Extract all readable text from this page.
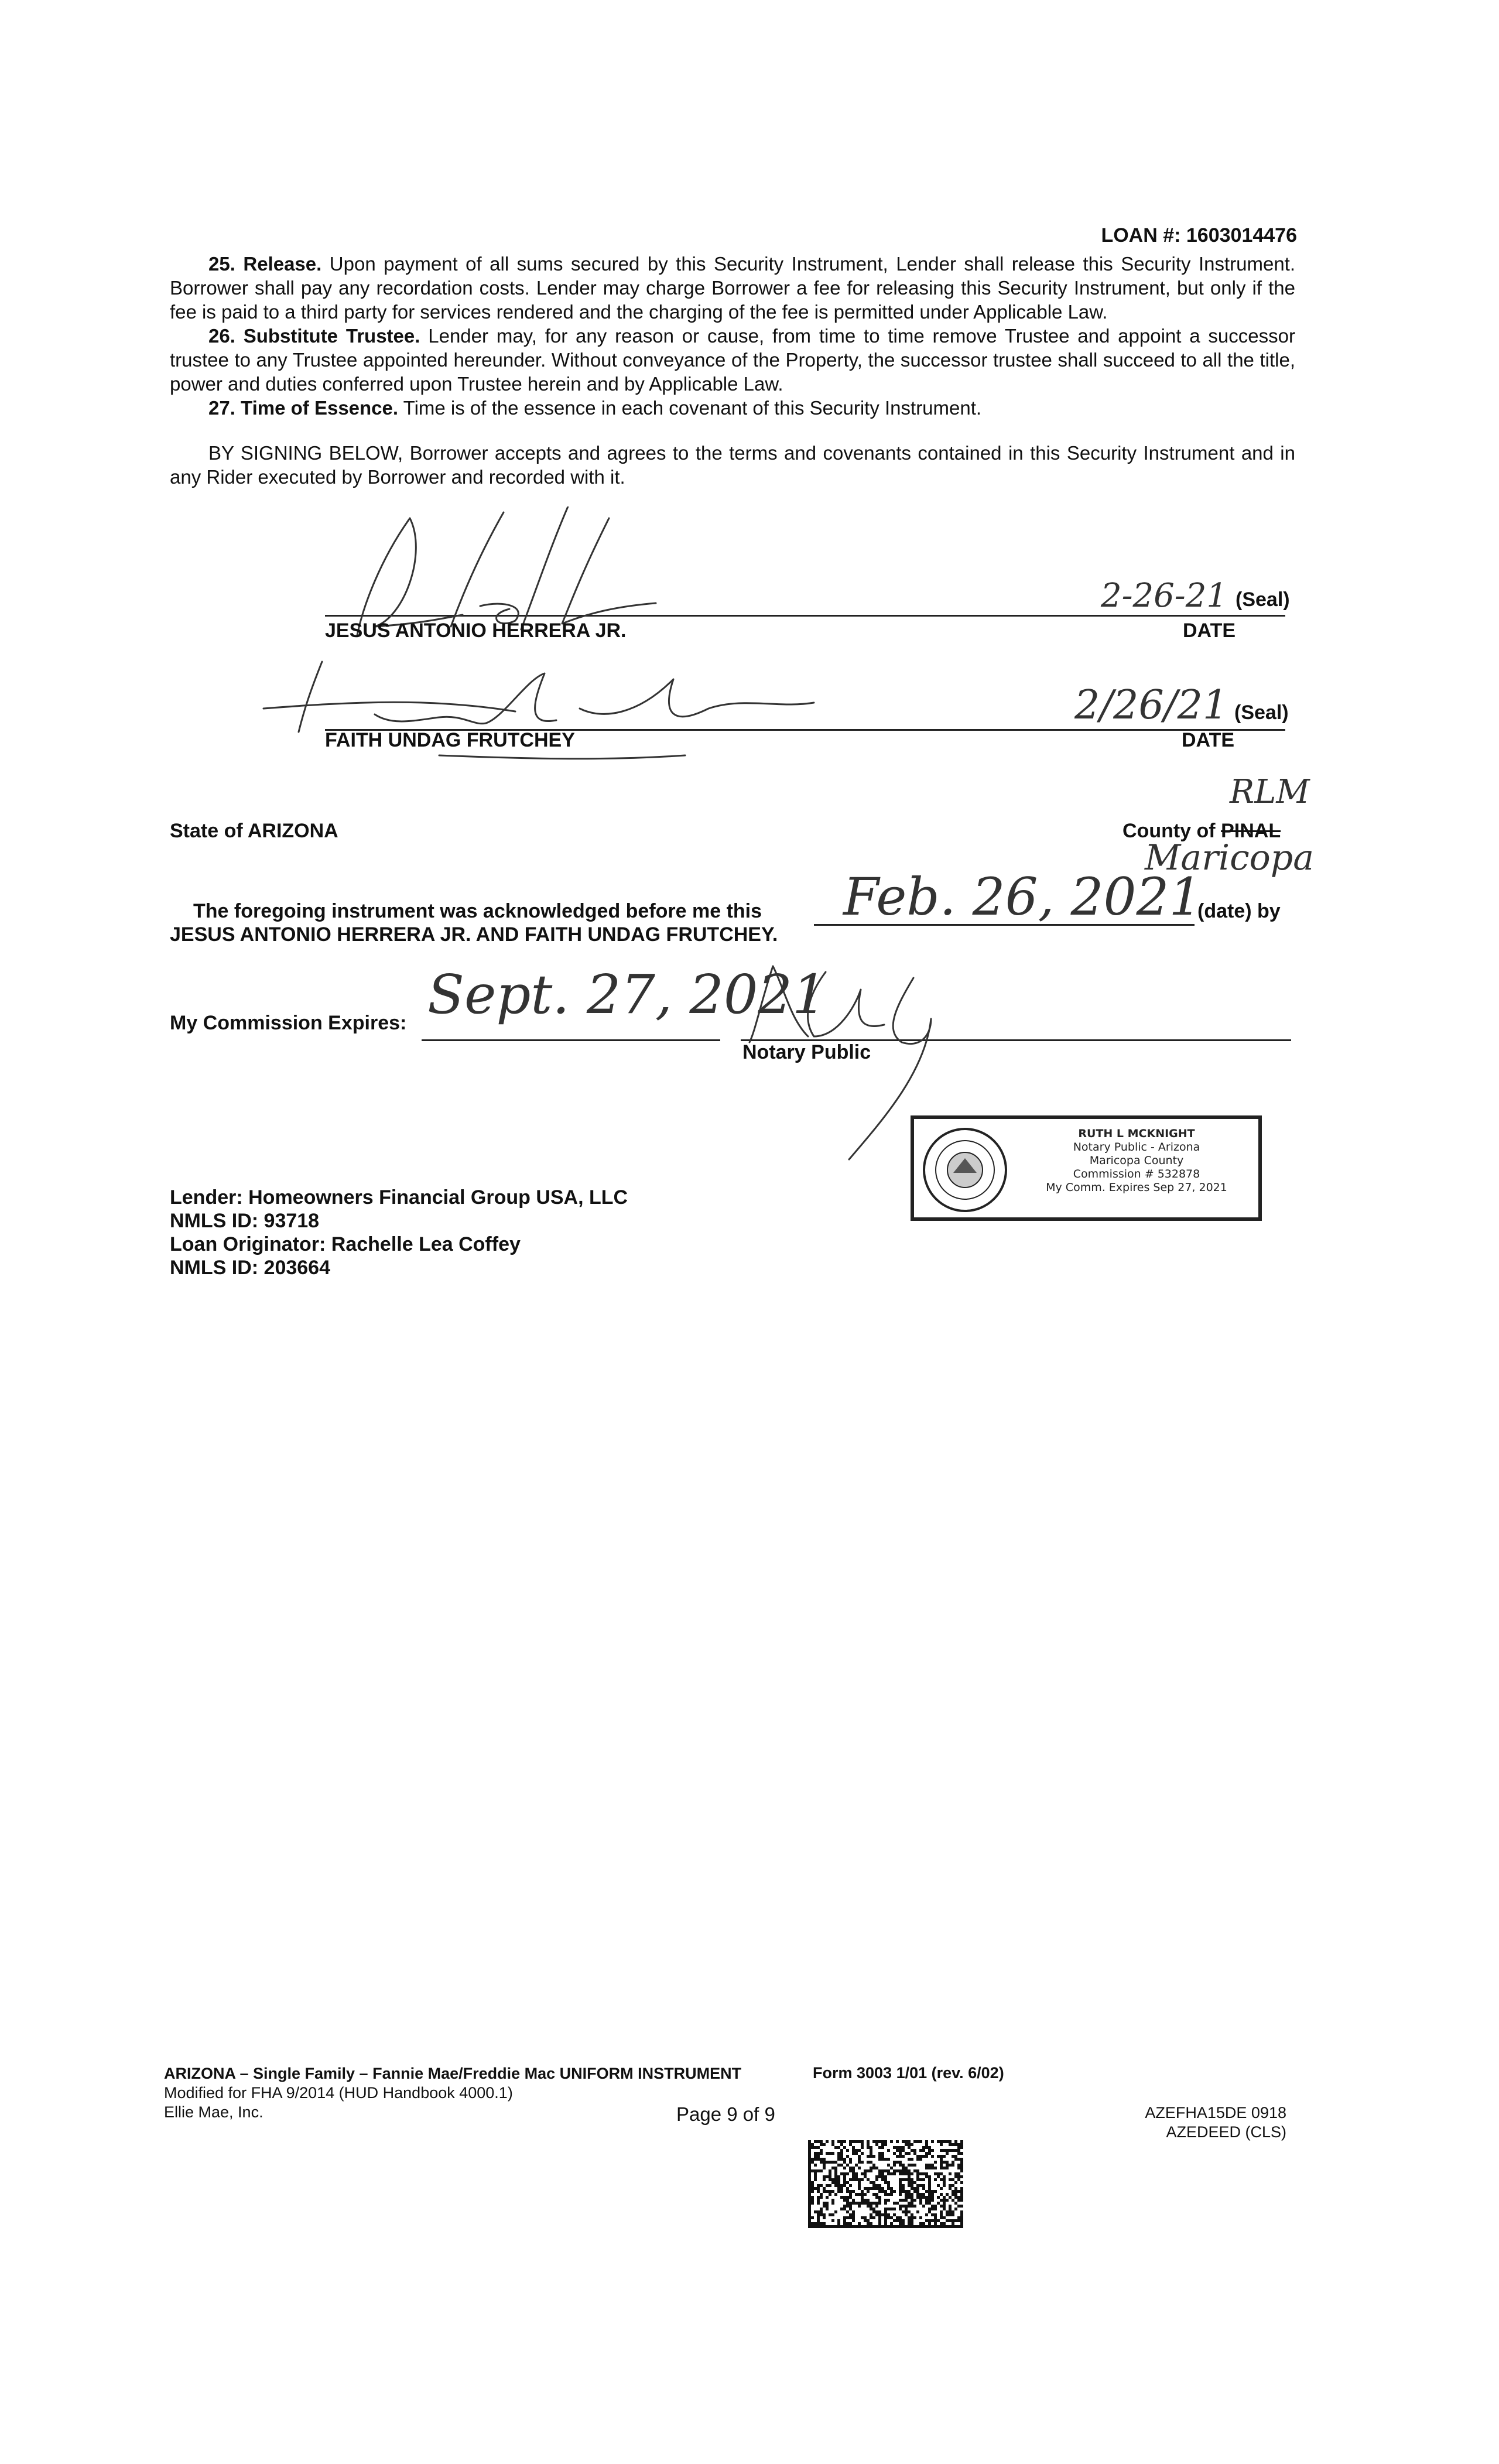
LOAN #: 1603014476

25. Release. Upon payment of all sums secured by this Security Instrument, Lender shall release this Security Instrument. Borrower shall pay any recordation costs. Lender may charge Borrower a fee for releasing this Security Instrument, but only if the fee is paid to a third party for services rendered and the charging of the fee is permitted under Applicable Law.

26. Substitute Trustee. Lender may, for any reason or cause, from time to time remove Trustee and appoint a successor trustee to any Trustee appointed hereunder. Without conveyance of the Property, the successor trustee shall succeed to all the title, power and duties conferred upon Trustee herein and by Applicable Law.

27. Time of Essence. Time is of the essence in each covenant of this Security Instrument.

BY SIGNING BELOW, Borrower accepts and agrees to the terms and covenants contained in this Security Instrument and in any Rider executed by Borrower and recorded with it.

JESUS ANTONIO HERRERA JR.
2-26-21 (Seal)
DATE
FAITH UNDAG FRUTCHEY
2/26/21 (Seal)
DATE
State of ARIZONA	County of PINAL
RLM
Maricopa
The foregoing instrument was acknowledged before me this Feb. 26, 2021
(date) by
JESUS ANTONIO HERRERA JR. AND FAITH UNDAG FRUTCHEY.
My Commission Expires: Sept. 27, 2021
Notary Public
RUTH L MCKNIGHT
Notary Public - Arizona
Maricopa County
Commission # 532878
My Comm. Expires Sep 27, 2021
Lender: Homeowners Financial Group USA, LLC
NMLS ID: 93718
Loan Originator: Rachelle Lea Coffey
NMLS ID: 203664
ARIZONA – Single Family – Fannie Mae/Freddie Mac UNIFORM INSTRUMENT
Modified for FHA 9/2014 (HUD Handbook 4000.1)
Ellie Mae, Inc.
Form 3003 1/01 (rev. 6/02)
Page 9 of 9	AZEFHA15DE 0918
AZEDEED (CLS)
